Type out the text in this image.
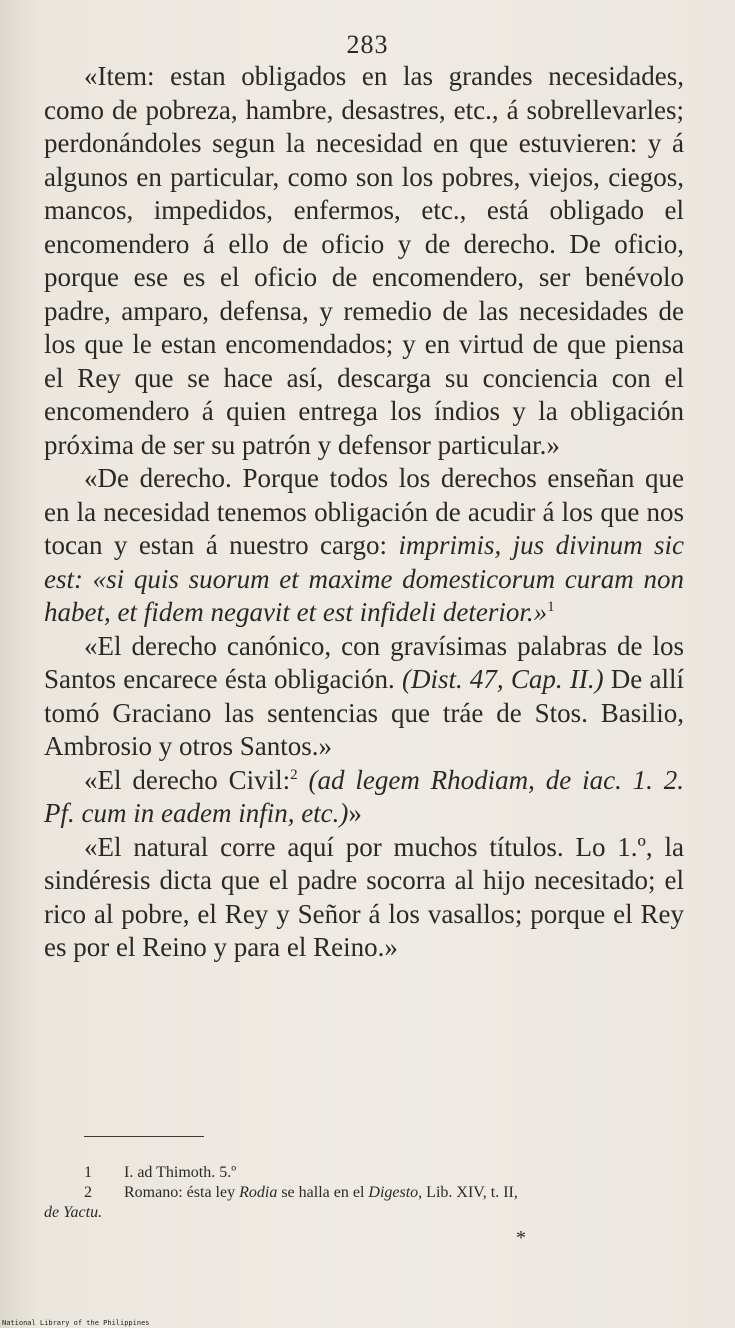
283

«Item: estan obligados en las grandes necesidades, como de pobreza, hambre, desastres, etc., á sobrellevarles; perdonándoles segun la necesidad en que estuvieren: y á algunos en particular, como son los pobres, viejos, ciegos, mancos, impedidos, enfermos, etc., está obligado el encomendero á ello de oficio y de derecho. De oficio, porque ese es el oficio de encomendero, ser benévolo padre, amparo, defensa, y remedio de las necesidades de los que le estan encomendados; y en virtud de que piensa el Rey que se hace así, descarga su conciencia con el encomendero á quien entrega los índios y la obligación próxima de ser su patrón y defensor particular.»

«De derecho. Porque todos los derechos enseñan que en la necesidad tenemos obligación de acudir á los que nos tocan y estan á nuestro cargo: imprimis, jus divinum sic est: «si quis suorum et maxime domesticorum curam non habet, et fidem negavit et est infideli deterior.»$^1$

«El derecho canónico, con gravísimas palabras de los Santos encarece ésta obligación. (Dist. 47, Cap. II.) De allí tomó Graciano las sentencias que tráe de Stos. Basilio, Ambrosio y otros Santos.»

«El derecho Civil:$^2$ (ad legem Rhodiam, de iac. 1. 2. Pf. cum in eadem infin, etc.)»

«El natural corre aquí por muchos títulos. Lo 1.º, la sindéresis dicta que el padre socorra al hijo necesitado; el rico al pobre, el Rey y Señor á los vasallos; porque el Rey es por el Reino y para el Reino.»

1 I. ad Thimoth. 5.º

2 Romano: ésta ley Rodia se halla en el Digesto, Lib. XIV, t. II,
de Yactu.

*
National Library of the Philippines
